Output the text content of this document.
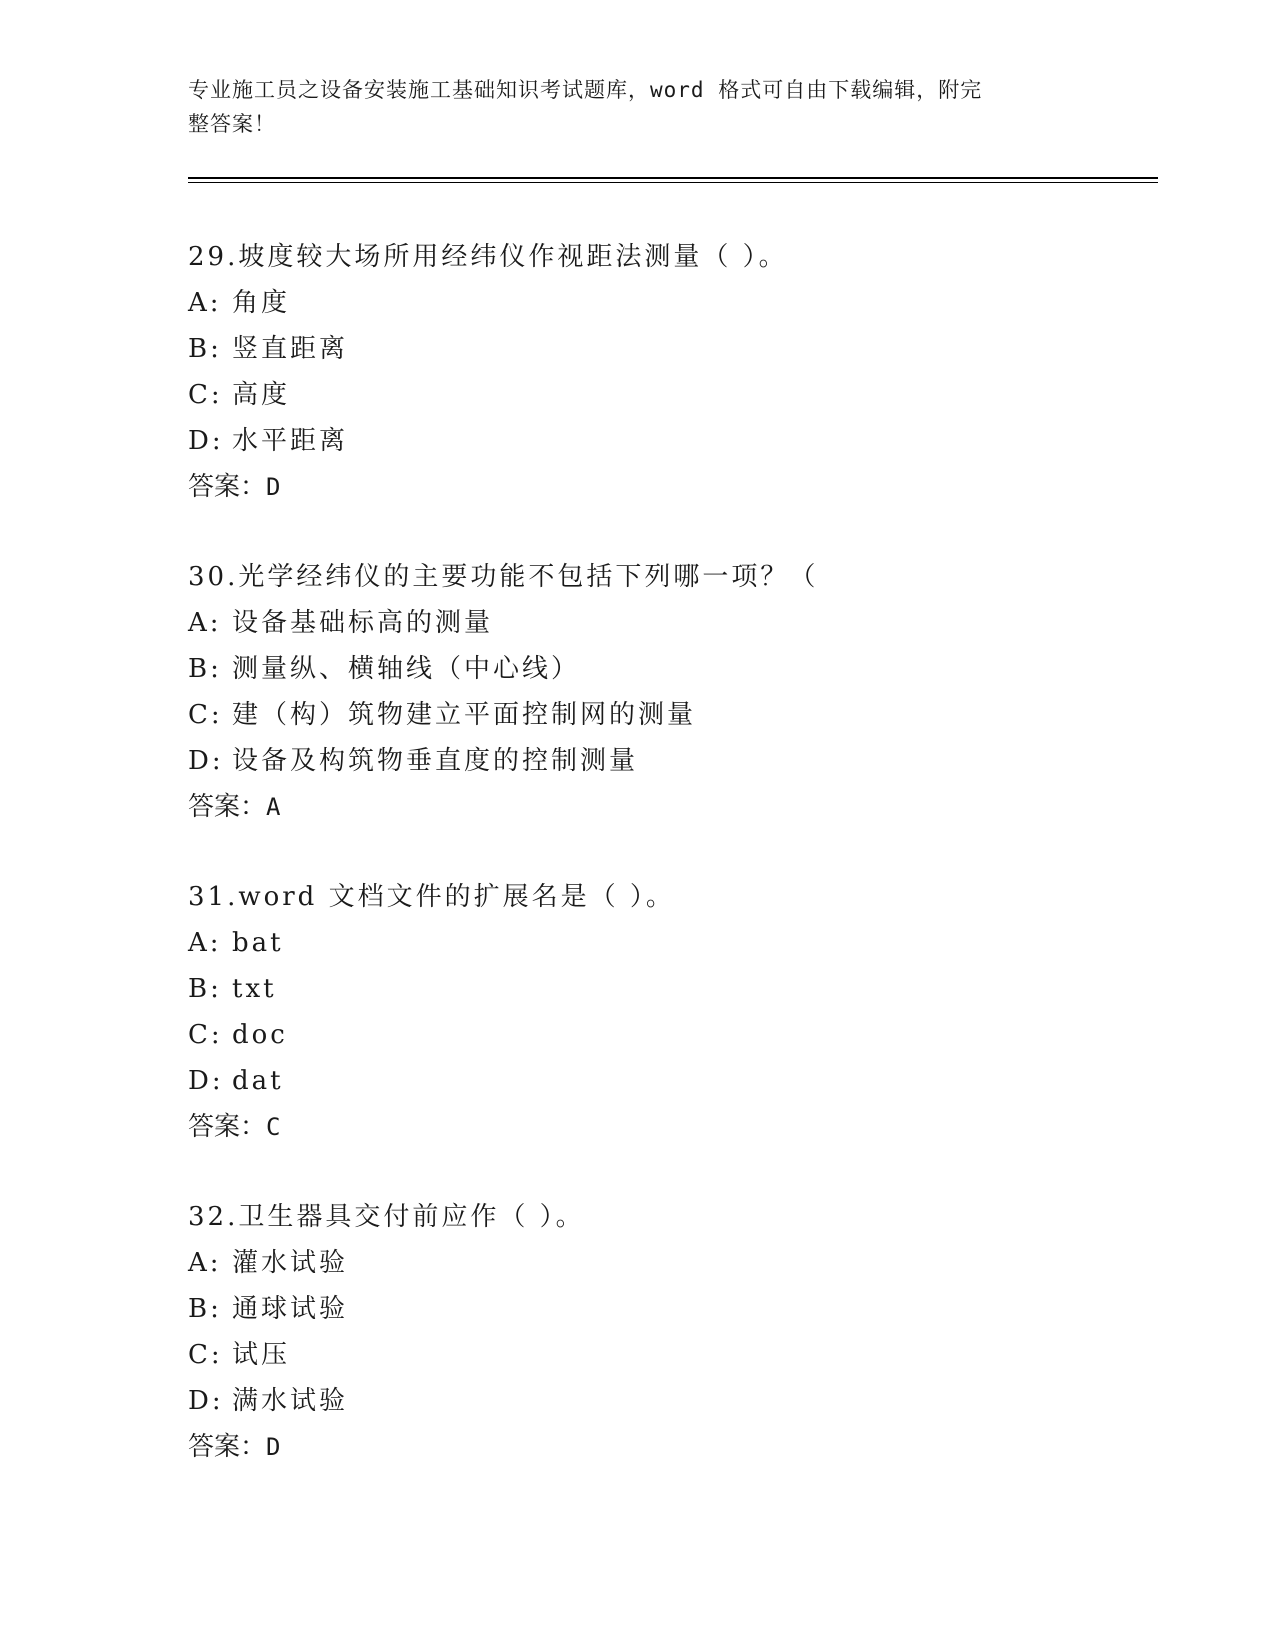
专业施工员之设备安装施工基础知识考试题库，word 格式可自由下载编辑，附完
整答案！
29.坡度较大场所用经纬仪作视距法测量（ ）。
A: 角度
B: 竖直距离
C: 高度
D: 水平距离
答案：D
30.光学经纬仪的主要功能不包括下列哪一项？（
A: 设备基础标高的测量
B: 测量纵、横轴线（中心线）
C: 建（构）筑物建立平面控制网的测量
D: 设备及构筑物垂直度的控制测量
答案：A
31.word 文档文件的扩展名是（ ）。
A: bat
B: txt
C: doc
D: dat
答案：C
32.卫生器具交付前应作（ ）。
A: 灌水试验
B: 通球试验
C: 试压
D: 满水试验
答案：D
